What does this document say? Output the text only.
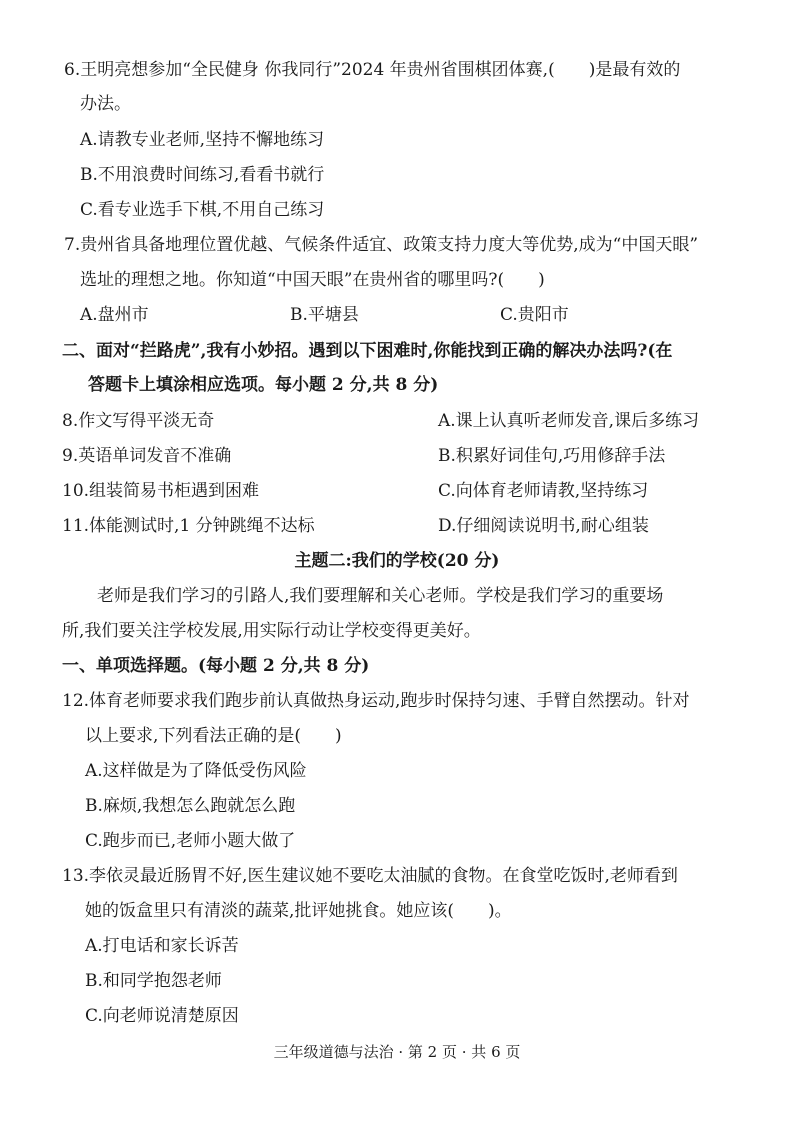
6.王明亮想参加“全民健身 你我同行”2024 年贵州省围棋团体赛,(　　)是最有效的
办法。
A.请教专业老师,坚持不懈地练习
B.不用浪费时间练习,看看书就行
C.看专业选手下棋,不用自己练习
7.贵州省具备地理位置优越、气候条件适宜、政策支持力度大等优势,成为“中国天眼”
选址的理想之地。你知道“中国天眼”在贵州省的哪里吗?(　　)
A.盘州市	B.平塘县	C.贵阳市
二、面对“拦路虎”,我有小妙招。遇到以下困难时,你能找到正确的解决办法吗?(在
答题卡上填涂相应选项。每小题 2 分,共 8 分)
8.作文写得平淡无奇	A.课上认真听老师发音,课后多练习
9.英语单词发音不准确	B.积累好词佳句,巧用修辞手法
10.组装简易书柜遇到困难	C.向体育老师请教,坚持练习
11.体能测试时,1 分钟跳绳不达标	D.仔细阅读说明书,耐心组装
主题二:我们的学校(20 分)
老师是我们学习的引路人,我们要理解和关心老师。学校是我们学习的重要场
所,我们要关注学校发展,用实际行动让学校变得更美好。
一、单项选择题。(每小题 2 分,共 8 分)
12.体育老师要求我们跑步前认真做热身运动,跑步时保持匀速、手臂自然摆动。针对
以上要求,下列看法正确的是(　　)
A.这样做是为了降低受伤风险
B.麻烦,我想怎么跑就怎么跑
C.跑步而已,老师小题大做了
13.李依灵最近肠胃不好,医生建议她不要吃太油腻的食物。在食堂吃饭时,老师看到
她的饭盒里只有清淡的蔬菜,批评她挑食。她应该(　　)。
A.打电话和家长诉苦
B.和同学抱怨老师
C.向老师说清楚原因
三年级道德与法治 · 第 2 页 · 共 6 页
